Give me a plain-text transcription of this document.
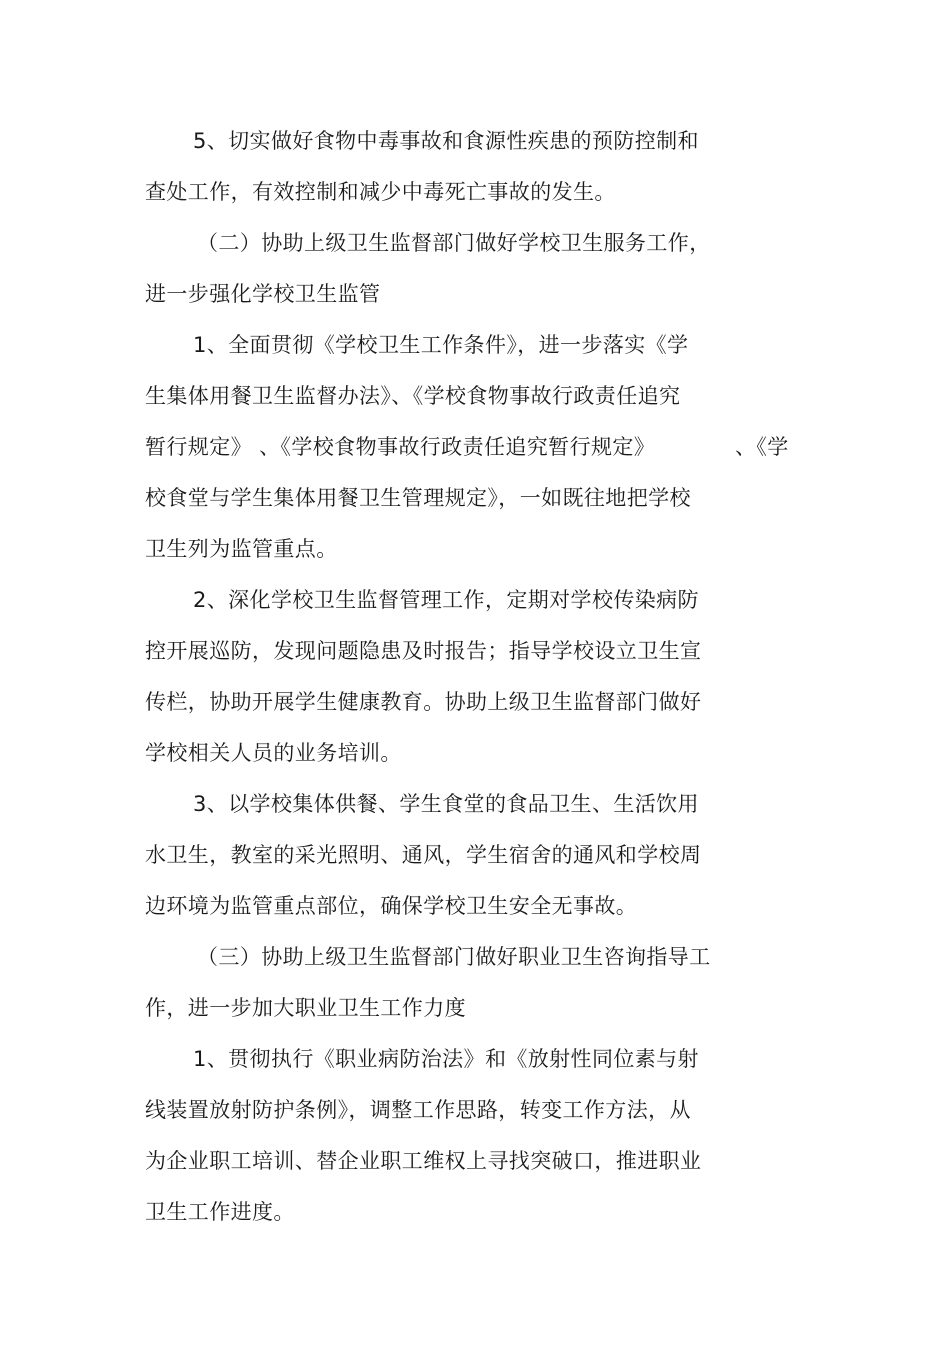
5、切实做好食物中毒事故和食源性疾患的预防控制和
查处工作，有效控制和减少中毒死亡事故的发生。
（二）协助上级卫生监督部门做好学校卫生服务工作，
进一步强化学校卫生监管
1、全面贯彻《学校卫生工作条件》，进一步落实《学
生集体用餐卫生监督办法》、《学校食物事故行政责任追究
暂行规定》 、《学校食物事故行政责任追究暂行规定》	、《学
校食堂与学生集体用餐卫生管理规定》，一如既往地把学校
卫生列为监管重点。
2、深化学校卫生监督管理工作，定期对学校传染病防
控开展巡防，发现问题隐患及时报告；指导学校设立卫生宣
传栏，协助开展学生健康教育。协助上级卫生监督部门做好
学校相关人员的业务培训。
3、以学校集体供餐、学生食堂的食品卫生、生活饮用
水卫生，教室的采光照明、通风，学生宿舍的通风和学校周
边环境为监管重点部位，确保学校卫生安全无事故。
（三）协助上级卫生监督部门做好职业卫生咨询指导工
作，进一步加大职业卫生工作力度
1、贯彻执行《职业病防治法》和《放射性同位素与射
线装置放射防护条例》，调整工作思路，转变工作方法，从
为企业职工培训、替企业职工维权上寻找突破口，推进职业
卫生工作进度。
